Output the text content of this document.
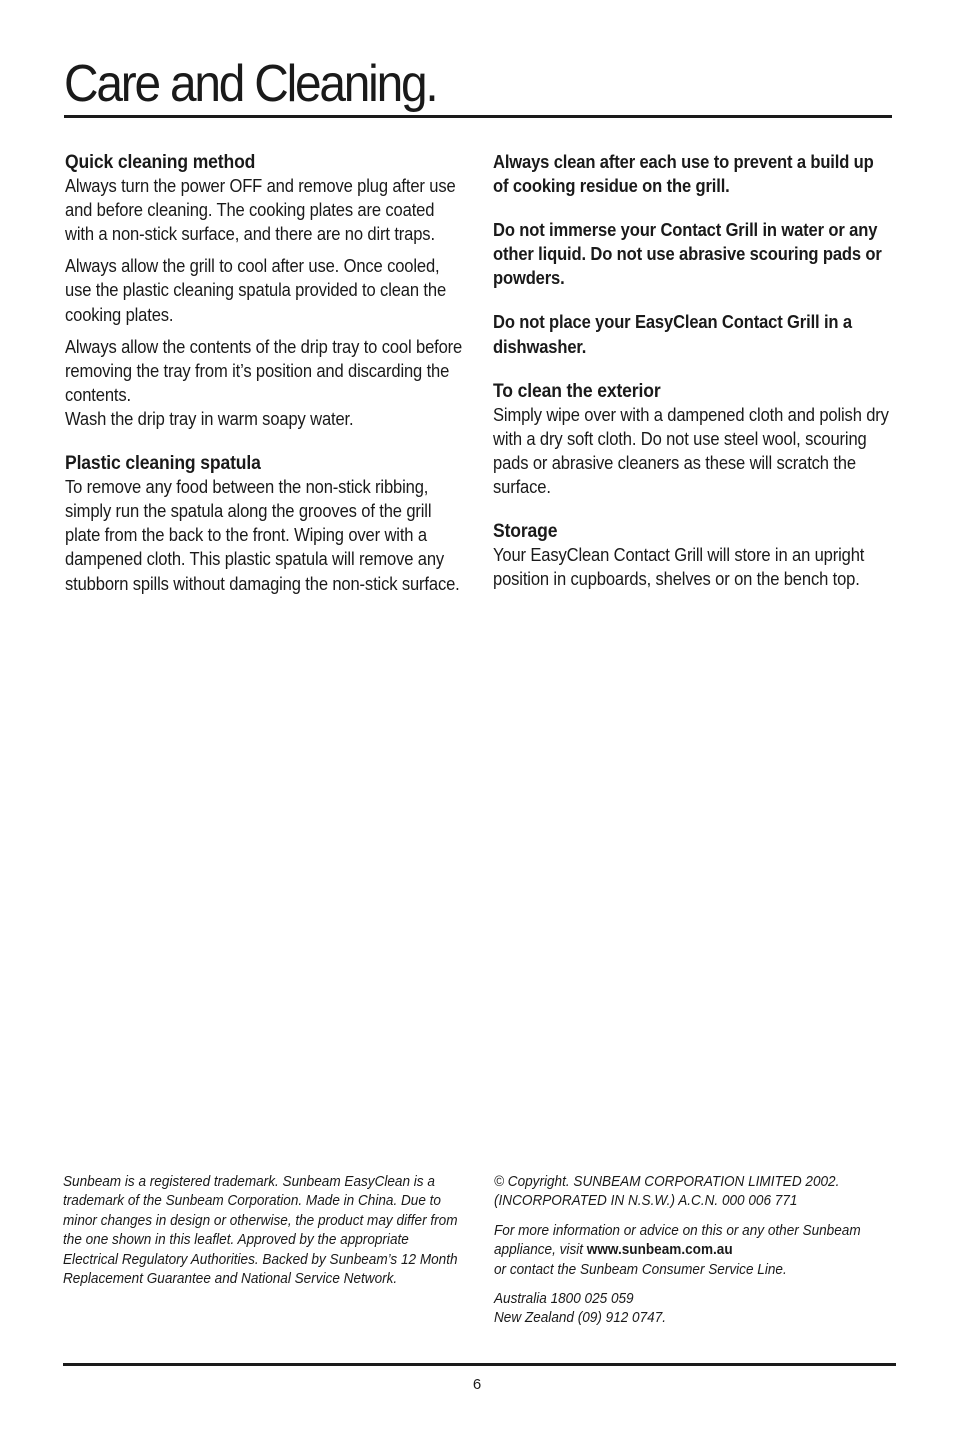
Care and Cleaning.
Quick cleaning method

Always turn the power OFF and remove plug after use and before cleaning. The cooking plates are coated with a non-stick surface, and there are no dirt traps.

Always allow the grill to cool after use. Once cooled, use the plastic cleaning spatula provided to clean the cooking plates.

Always allow the contents of the drip tray to cool before removing the tray from it’s position and discarding the contents.

Wash the drip tray in warm soapy water.

Plastic cleaning spatula

To remove any food between the non-stick ribbing, simply run the spatula along the grooves of the grill plate from the back to the front. Wiping over with a dampened cloth. This plastic spatula will remove any stubborn spills without damaging the non-stick surface.

Always clean after each use to prevent a build up of cooking residue on the grill.

Do not immerse your Contact Grill in water or any other liquid. Do not use abrasive scouring pads or powders.

Do not place your EasyClean Contact Grill in a dishwasher.

To clean the exterior

Simply wipe over with a dampened cloth and polish dry with a dry soft cloth. Do not use steel wool, scouring pads or abrasive cleaners as these will scratch the surface.

Storage

Your EasyClean Contact Grill will store in an upright position in cupboards, shelves or on the bench top.

Sunbeam is a registered trademark. Sunbeam EasyClean is a trademark of the Sunbeam Corporation. Made in China. Due to minor changes in design or otherwise, the product may differ from the one shown in this leaflet. Approved by the appropriate Electrical Regulatory Authorities. Backed by Sunbeam’s 12 Month Replacement Guarantee and National Service Network.

© Copyright. SUNBEAM CORPORATION LIMITED 2002.

(INCORPORATED IN N.S.W.) A.C.N. 000 006 771

For more information or advice on this or any other Sunbeam appliance, visit www.sunbeam.com.au
or contact the Sunbeam Consumer Service Line.

Australia 1800 025 059

New Zealand (09) 912 0747.

6
